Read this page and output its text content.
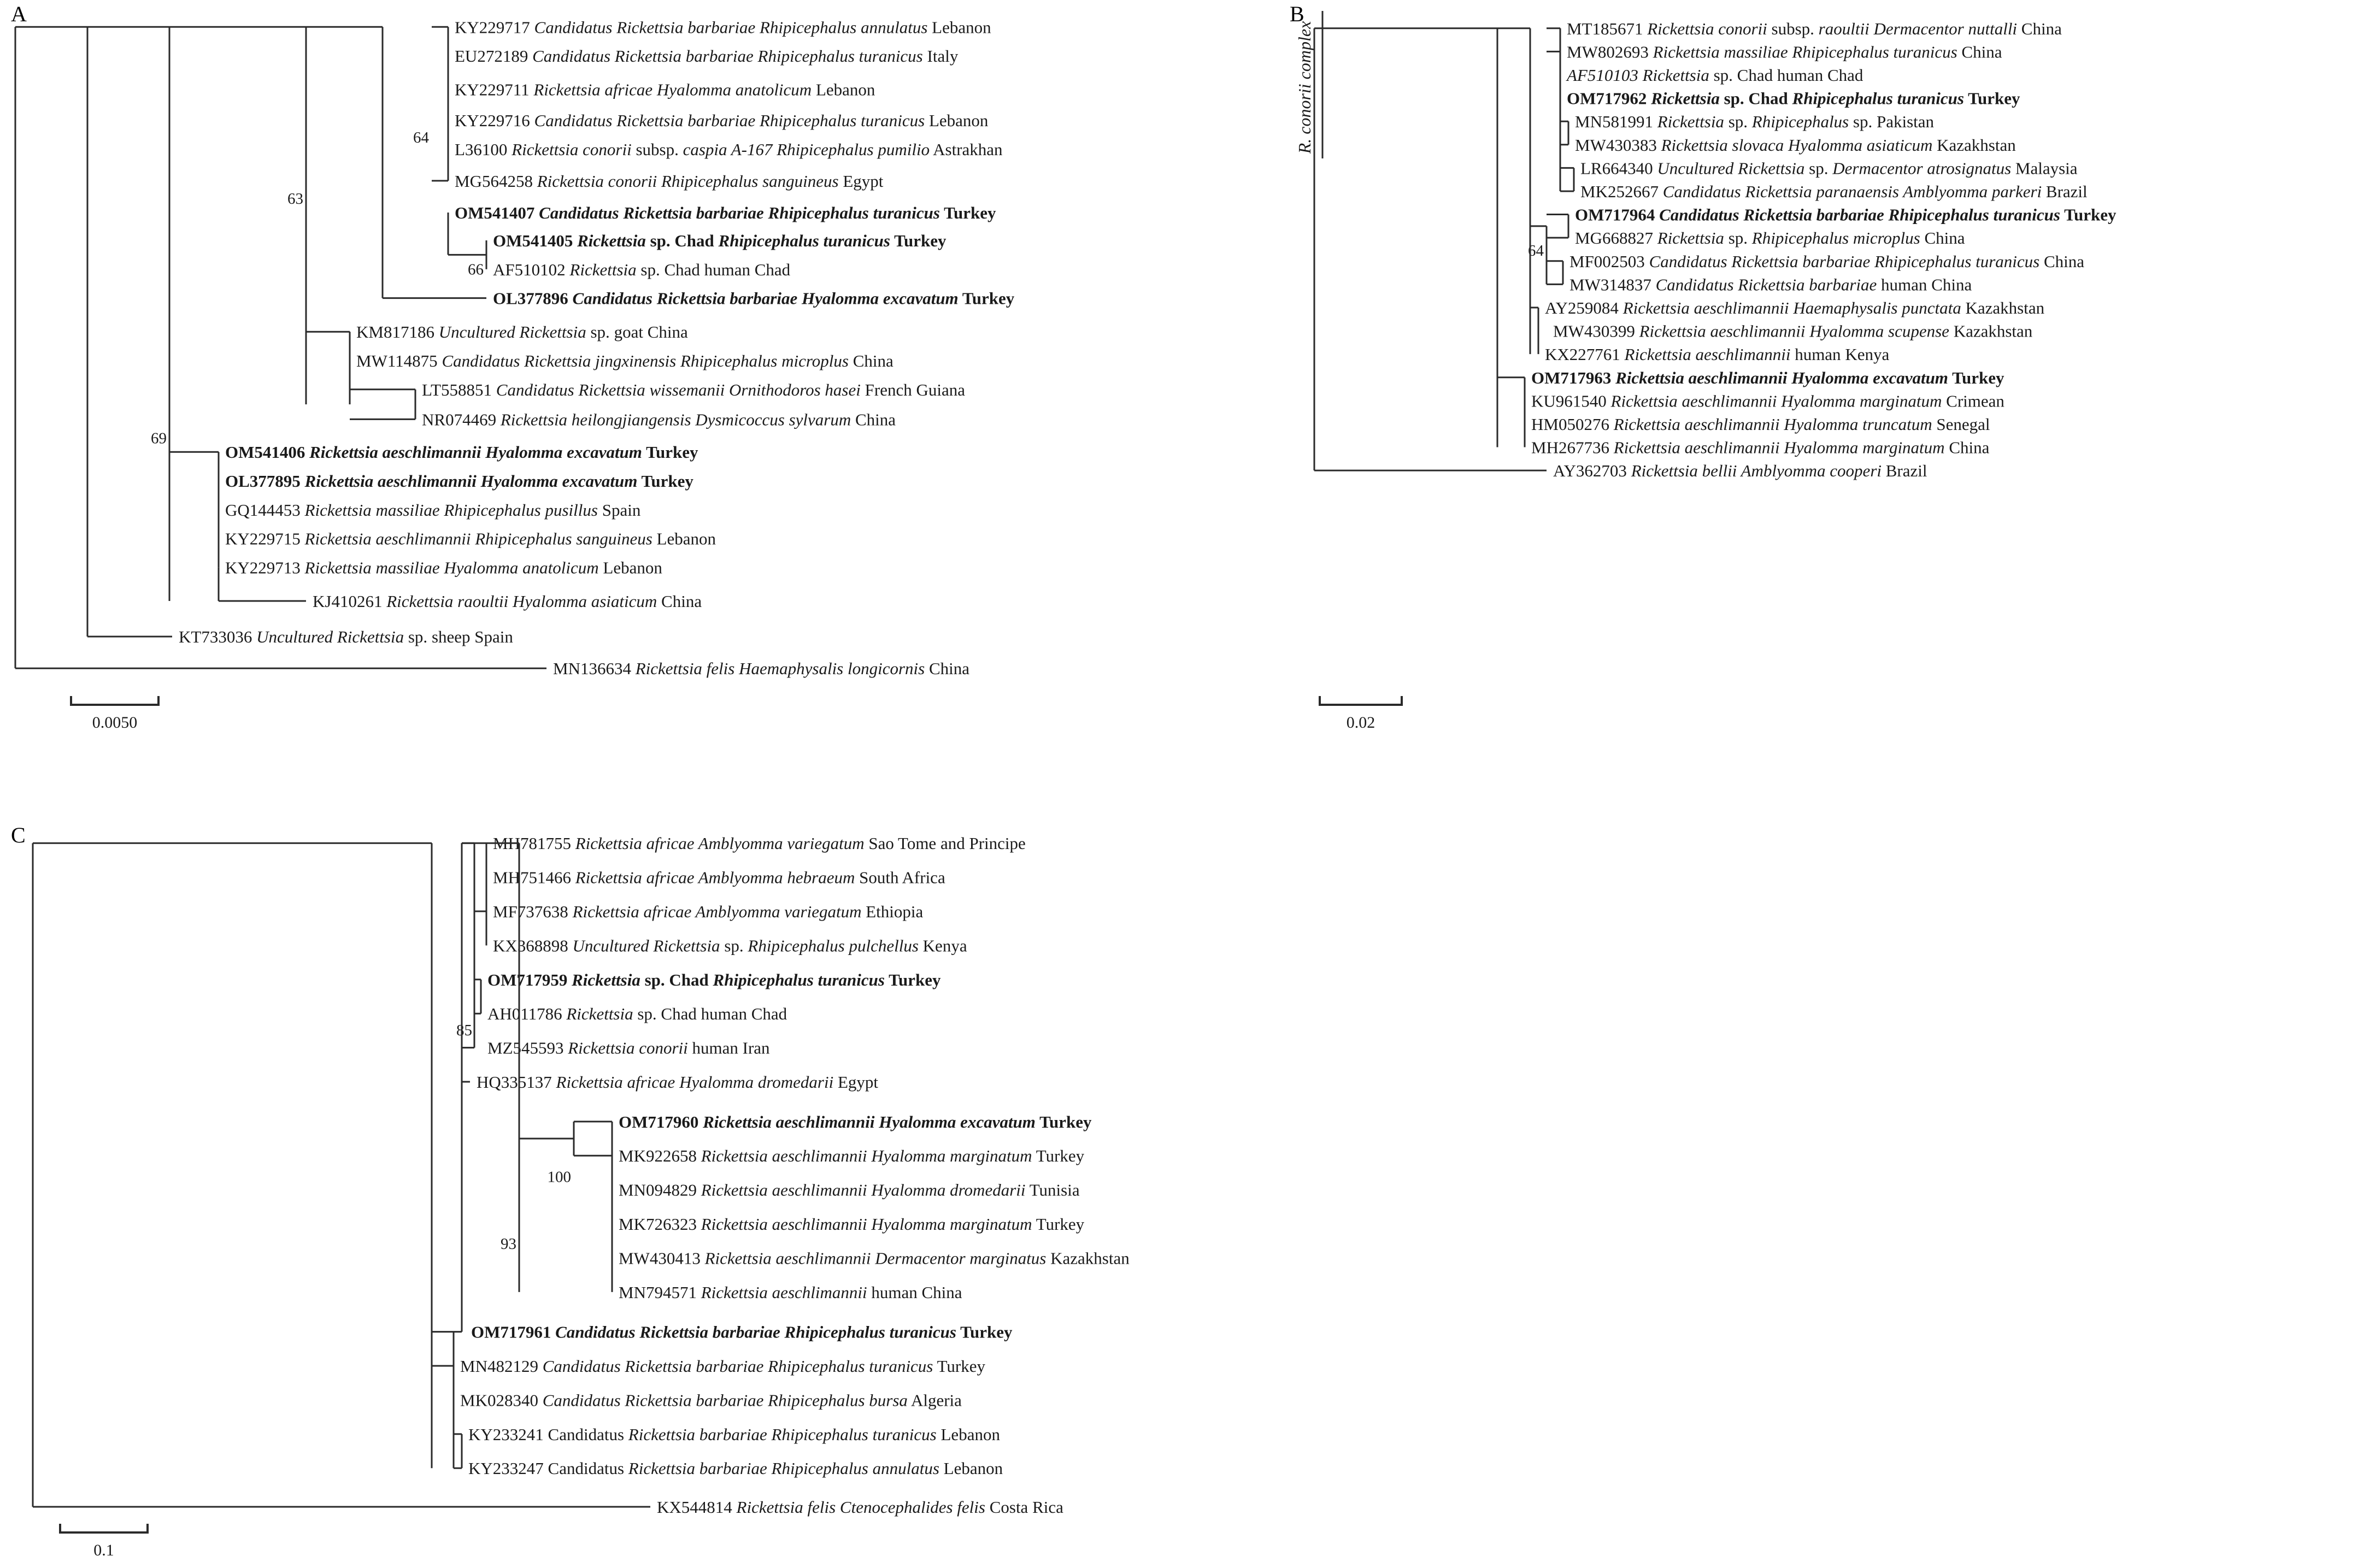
A
KY229717 Candidatus Rickettsia barbariae Rhipicephalus annulatus Lebanon
EU272189 Candidatus Rickettsia barbariae Rhipicephalus turanicus Italy
KY229711 Rickettsia africae Hyalomma anatolicum Lebanon
KY229716 Candidatus Rickettsia barbariae Rhipicephalus turanicus Lebanon
L36100 Rickettsia conorii subsp. caspia A-167 Rhipicephalus pumilio Astrakhan
MG564258 Rickettsia conorii Rhipicephalus sanguineus Egypt
OM541407 Candidatus Rickettsia barbariae Rhipicephalus turanicus Turkey
OM541405 Rickettsia sp. Chad Rhipicephalus turanicus Turkey
AF510102 Rickettsia sp. Chad human Chad
OL377896 Candidatus Rickettsia barbariae Hyalomma excavatum Turkey
KM817186 Uncultured Rickettsia sp. goat China
MW114875 Candidatus Rickettsia jingxinensis Rhipicephalus microplus China
LT558851 Candidatus Rickettsia wissemanii Ornithodoros hasei French Guiana
NR074469 Rickettsia heilongjiangensis Dysmicoccus sylvarum China
OM541406 Rickettsia aeschlimannii Hyalomma excavatum Turkey
OL377895 Rickettsia aeschlimannii Hyalomma excavatum Turkey
GQ144453 Rickettsia massiliae Rhipicephalus pusillus Spain
KY229715 Rickettsia aeschlimannii Rhipicephalus sanguineus Lebanon
KY229713 Rickettsia massiliae Hyalomma anatolicum Lebanon
KJ410261 Rickettsia raoultii Hyalomma asiaticum China
KT733036 Uncultured Rickettsia sp. sheep Spain
MN136634 Rickettsia felis Haemaphysalis longicornis China
66
64
63
69
0.0050
B
MT185671 Rickettsia conorii subsp. raoultii Dermacentor nuttalli China
MW802693 Rickettsia massiliae Rhipicephalus turanicus China
AF510103 Rickettsia sp. Chad human Chad
OM717962 Rickettsia sp. Chad Rhipicephalus turanicus Turkey
MN581991 Rickettsia sp. Rhipicephalus sp. Pakistan
MW430383 Rickettsia slovaca Hyalomma asiaticum Kazakhstan
LR664340 Uncultured Rickettsia sp. Dermacentor atrosignatus Malaysia
MK252667 Candidatus Rickettsia paranaensis Amblyomma parkeri Brazil
OM717964 Candidatus Rickettsia barbariae Rhipicephalus turanicus Turkey
MG668827 Rickettsia sp. Rhipicephalus microplus China
MF002503 Candidatus Rickettsia barbariae Rhipicephalus turanicus China
MW314837 Candidatus Rickettsia barbariae human China
AY259084 Rickettsia aeschlimannii Haemaphysalis punctata Kazakhstan
MW430399 Rickettsia aeschlimannii Hyalomma scupense Kazakhstan
KX227761 Rickettsia aeschlimannii human Kenya
OM717963 Rickettsia aeschlimannii Hyalomma excavatum Turkey
KU961540 Rickettsia aeschlimannii Hyalomma marginatum Crimean
HM050276 Rickettsia aeschlimannii Hyalomma truncatum Senegal
MH267736 Rickettsia aeschlimannii Hyalomma marginatum China
AY362703 Rickettsia bellii Amblyomma cooperi Brazil
R. conorii complex
64
0.02
C	MH781755 Rickettsia africae Amblyomma variegatum Sao Tome and Principe
MH751466 Rickettsia africae Amblyomma hebraeum South Africa
MF737638 Rickettsia africae Amblyomma variegatum Ethiopia
KX368898 Uncultured Rickettsia sp. Rhipicephalus pulchellus Kenya
OM717959 Rickettsia sp. Chad Rhipicephalus turanicus Turkey
AH011786 Rickettsia sp. Chad human Chad
MZ545593 Rickettsia conorii human Iran
HQ335137 Rickettsia africae Hyalomma dromedarii Egypt
OM717960 Rickettsia aeschlimannii Hyalomma excavatum Turkey
MK922658 Rickettsia aeschlimannii Hyalomma marginatum Turkey
MN094829 Rickettsia aeschlimannii Hyalomma dromedarii Tunisia
MK726323 Rickettsia aeschlimannii Hyalomma marginatum Turkey
MW430413 Rickettsia aeschlimannii Dermacentor marginatus Kazakhstan
MN794571 Rickettsia aeschlimannii human China
OM717961 Candidatus Rickettsia barbariae Rhipicephalus turanicus Turkey
MN482129 Candidatus Rickettsia barbariae Rhipicephalus turanicus Turkey
MK028340 Candidatus Rickettsia barbariae Rhipicephalus bursa Algeria
KY233241 Candidatus Rickettsia barbariae Rhipicephalus turanicus Lebanon
KY233247 Candidatus Rickettsia barbariae Rhipicephalus annulatus Lebanon
KX544814 Rickettsia felis Ctenocephalides felis Costa Rica
85
100
93
0.1
